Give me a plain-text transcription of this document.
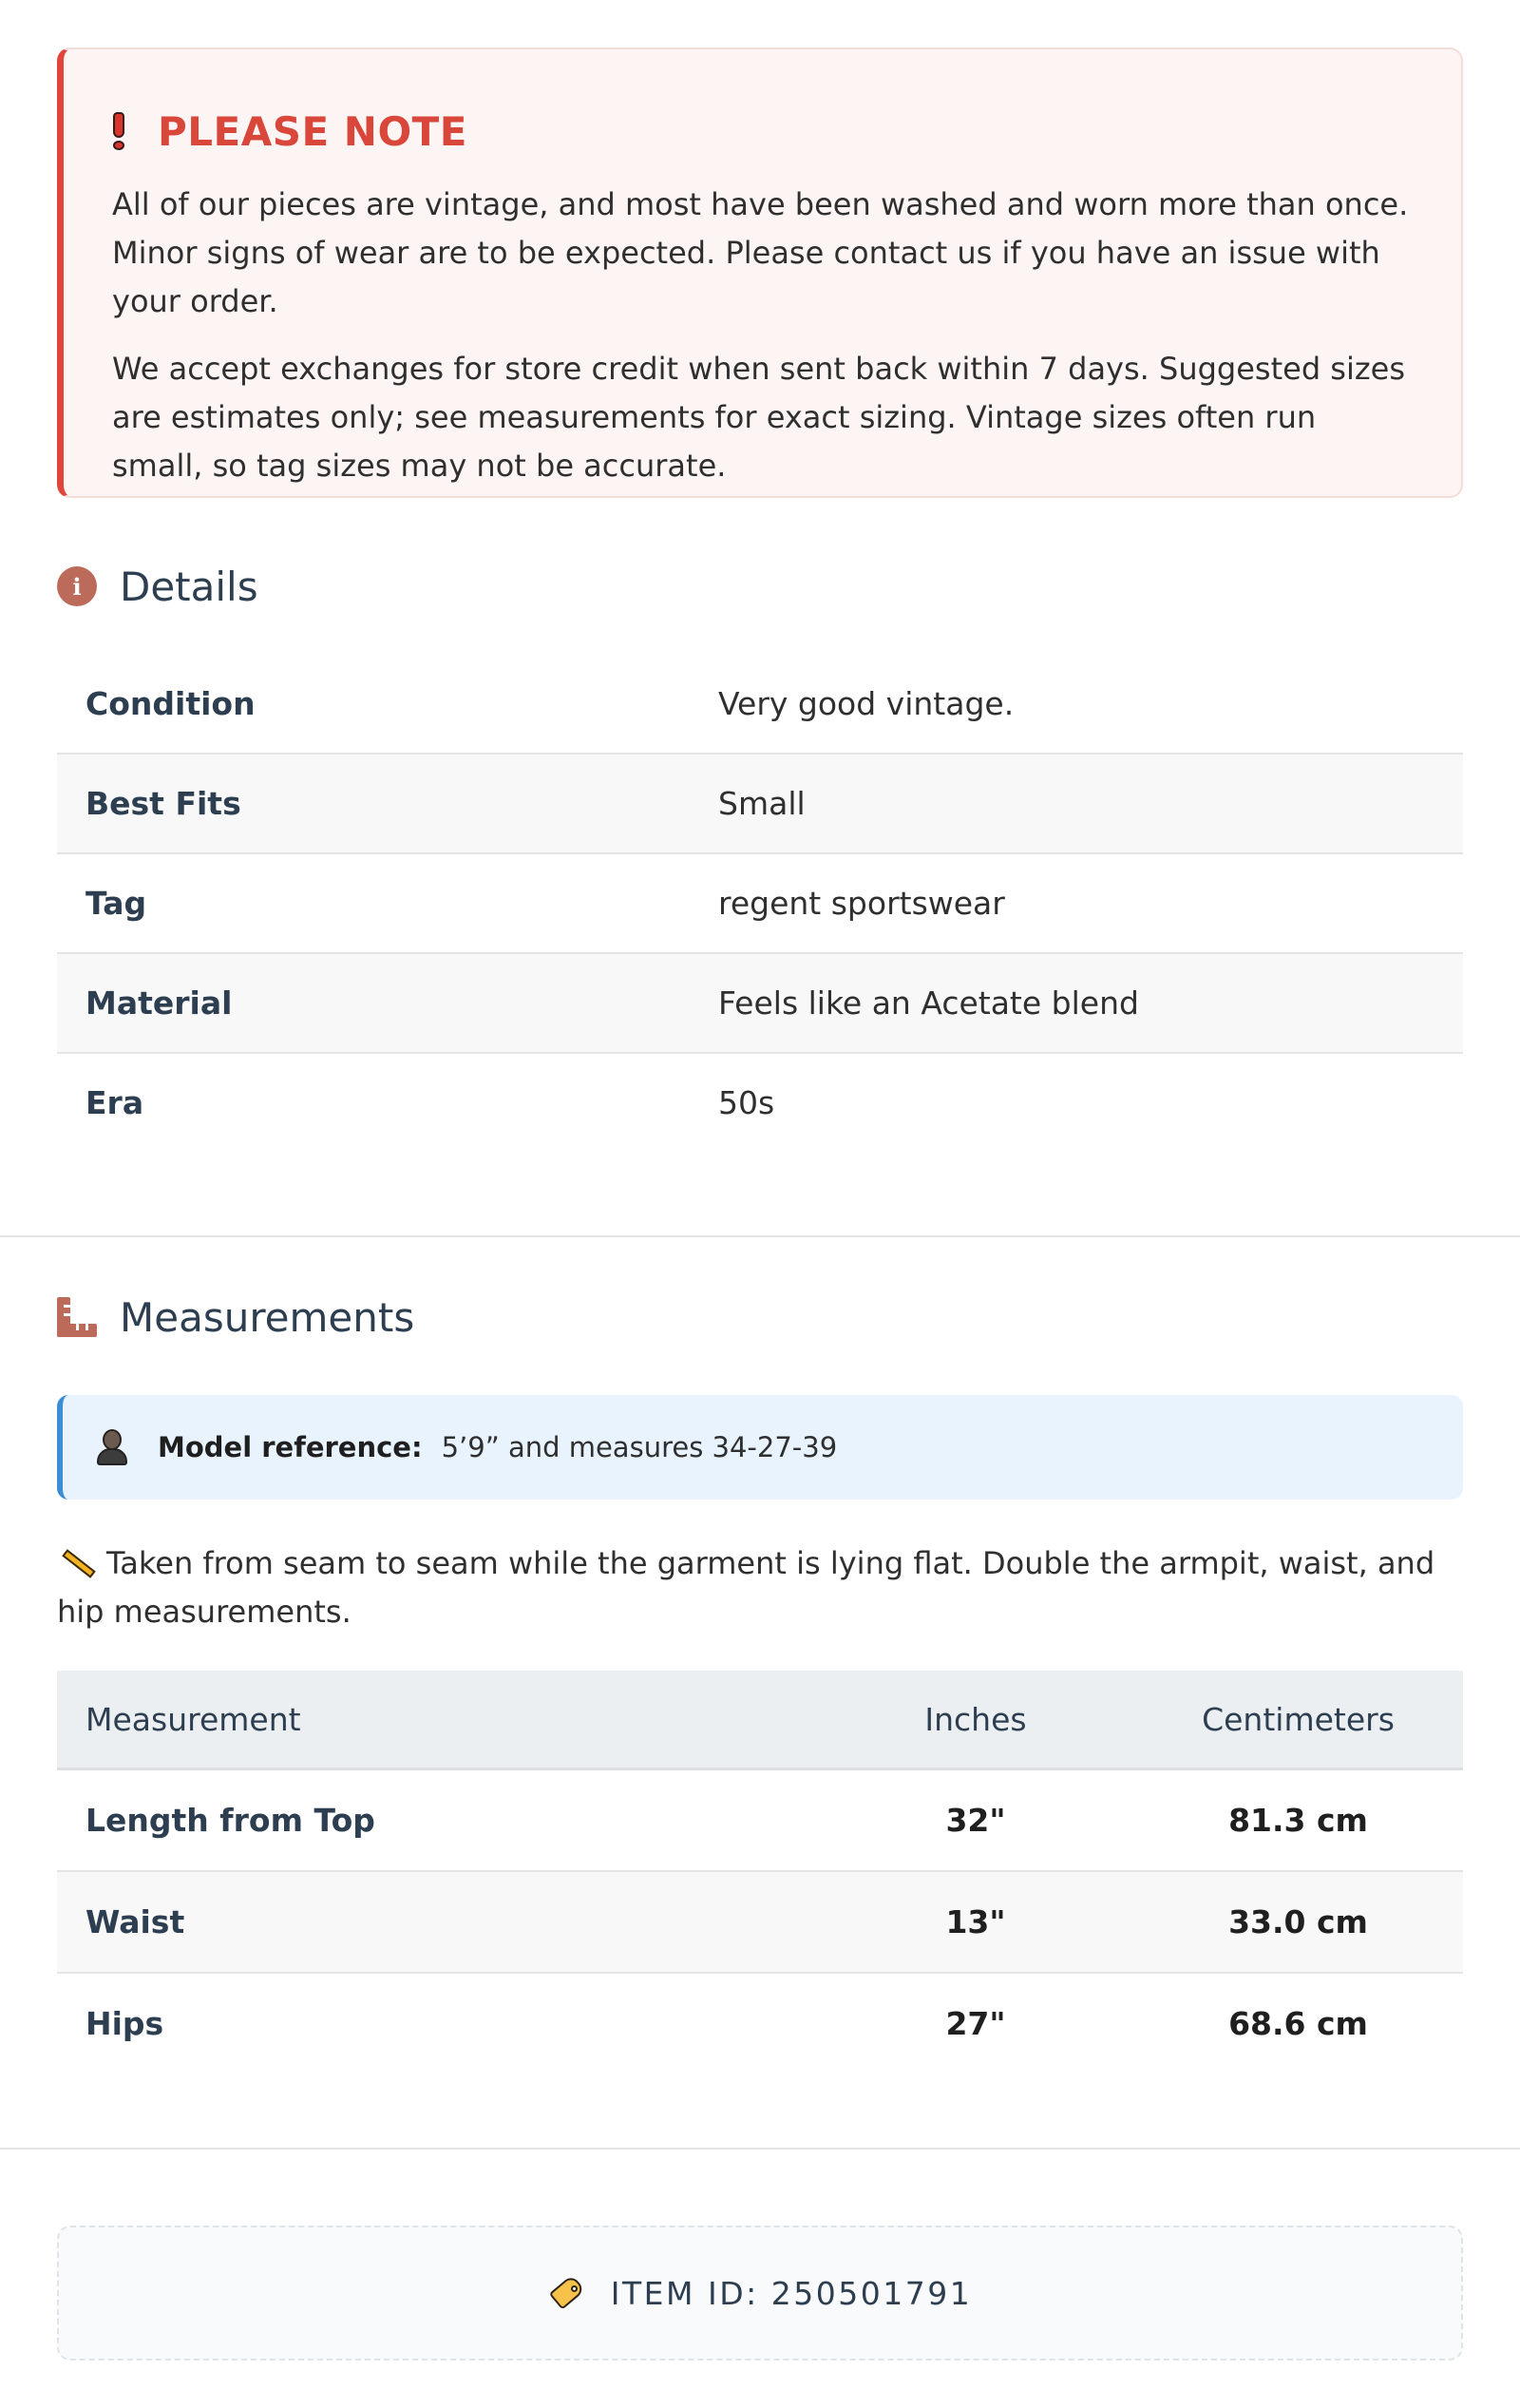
PLEASE NOTE

All of our pieces are vintage, and most have been washed and worn more than once. Minor signs of wear are to be expected. Please contact us if you have an issue with your order.

We accept exchanges for store credit when sent back within 7 days. Suggested sizes are estimates only; see measurements for exact sizing. Vintage sizes often run small, so tag sizes may not be accurate.

i Details
Condition	Very good vintage.
Best Fits	Small
Tag	regent sportswear
Material	Feels like an Acetate blend
Era	50s
Measurements
Model reference: 5’9” and measures 34-27-39
Taken from seam to seam while the garment is lying flat. Double the armpit, waist, and hip measurements.
Measurement	Inches	Centimeters
Length from Top	32"	81.3 cm
Waist	13"	33.0 cm
Hips	27"	68.6 cm
ITEM ID: 250501791
